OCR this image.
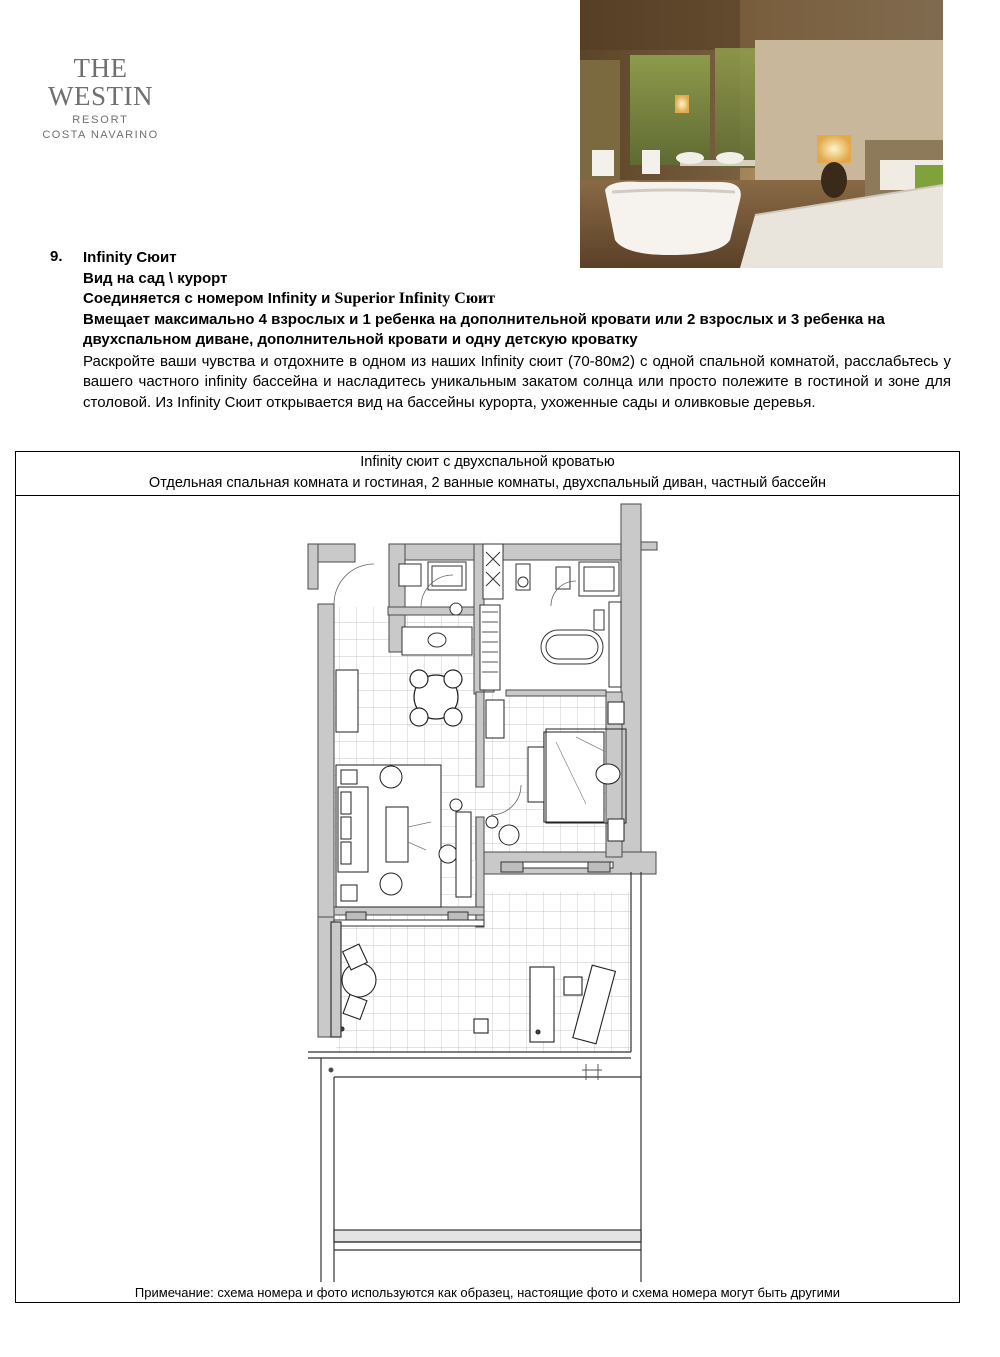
THE WESTIN
RESORT
COSTA NAVARINO
9. Infinity Сюит
Вид на сад \ курорт
Соединяется с номером Infinity и Superior Infinity Сюит
Вмещает максимально 4 взрослых и 1 ребенка на дополнительной кровати или 2 взрослых и 3 ребенка на двухспальном диване, дополнительной кровати и одну детскую кроватку
Раскройте ваши чувства и отдохните в одном из наших Infinity сюит (70-80м2) с одной спальной комнатой, расслабьтесь у вашего частного infinity бассейна и насладитесь уникальным закатом солнца или просто полежите в гостиной и зоне для столовой. Из Infinity Сюит открывается вид на бассейны курорта, ухоженные сады и оливковые деревья.
Infinity сюит с двухспальной кроватью
Отдельная спальная комната и гостиная, 2 ванные комнаты, двухспальный диван, частный бассейн
Примечание: схема номера и фото используются как образец, настоящие фото и схема номера могут быть другими
